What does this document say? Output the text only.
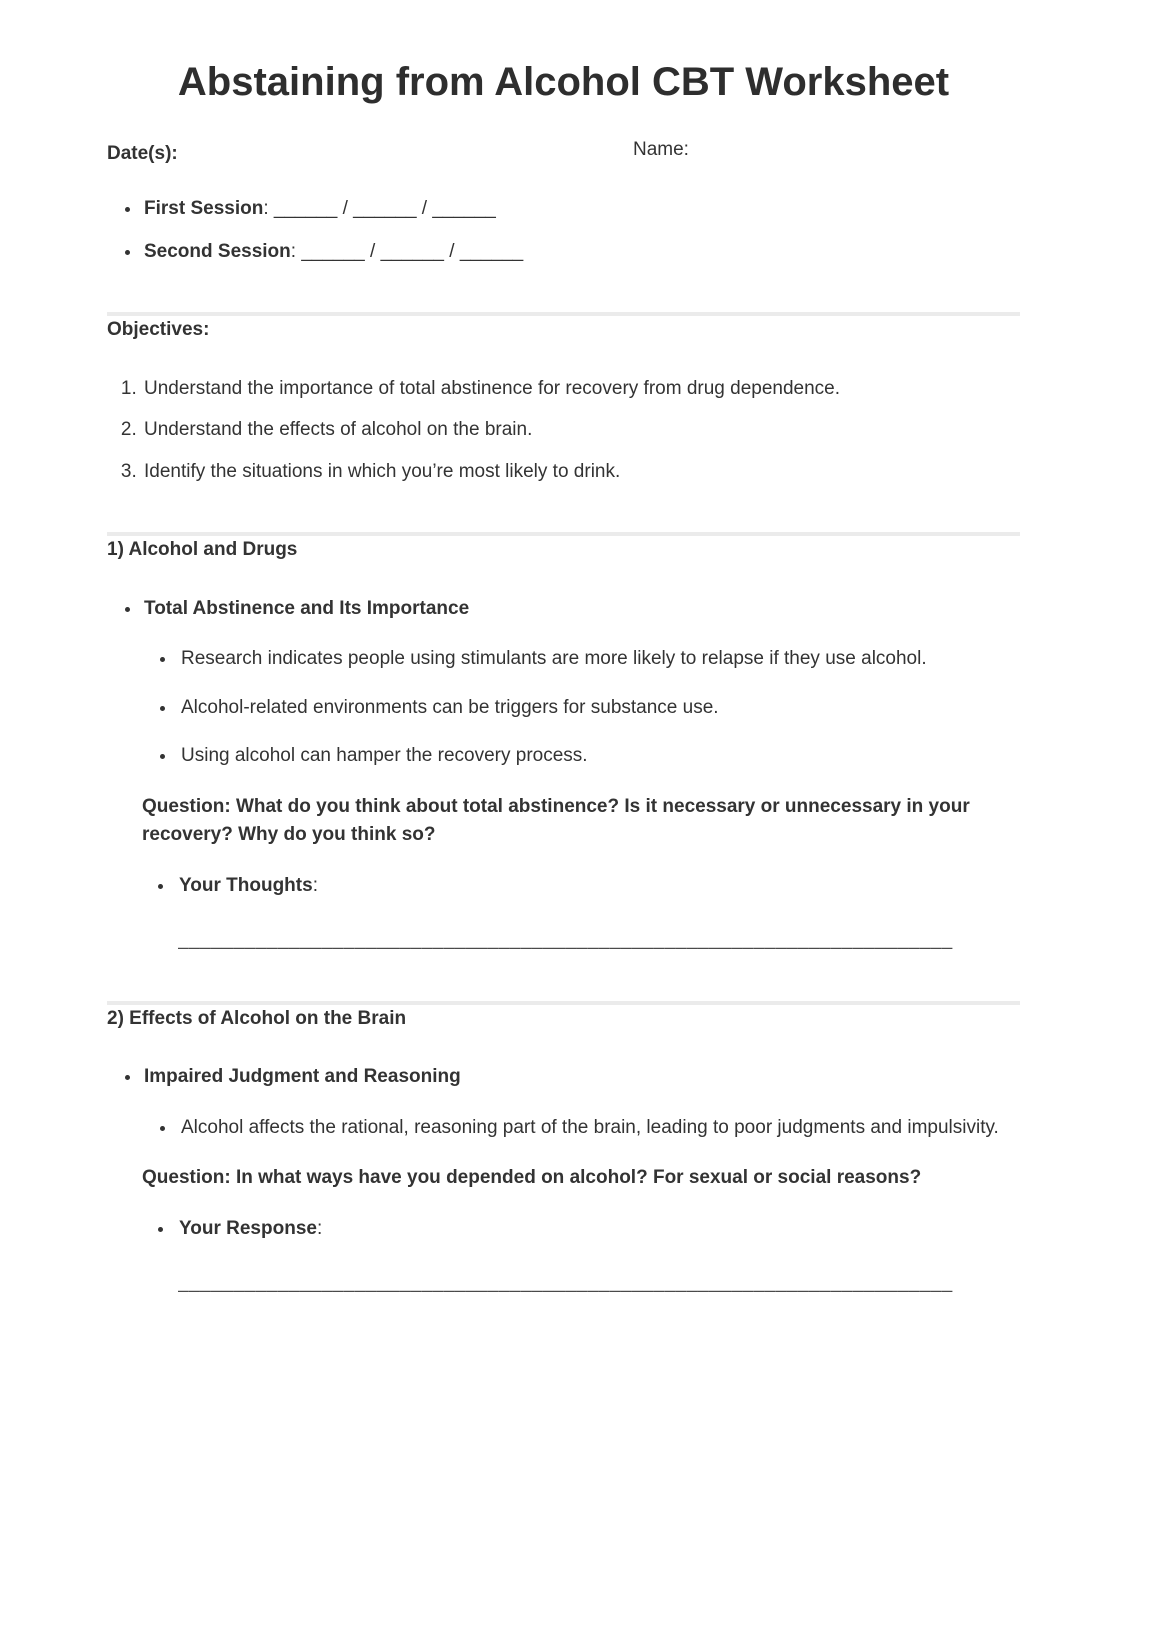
Abstaining from Alcohol CBT Worksheet
Date(s):	Name:
• First Session: ______ / ______ / ______
• Second Session: ______ / ______ / ______
Objectives:
1. Understand the importance of total abstinence for recovery from drug dependence.
2. Understand the effects of alcohol on the brain.
3. Identify the situations in which you’re most likely to drink.
1) Alcohol and Drugs
• Total Abstinence and Its Importance
• Research indicates people using stimulants are more likely to relapse if they use alcohol.
• Alcohol-related environments can be triggers for substance use.
• Using alcohol can hamper the recovery process.

Question: What do you think about total abstinence? Is it necessary or unnecessary in your recovery? Why do you think so?

• Your Thoughts:

______________________________________________________________________

2) Effects of Alcohol on the Brain
• Impaired Judgment and Reasoning
• Alcohol affects the rational, reasoning part of the brain, leading to poor judgments and impulsivity.

Question: In what ways have you depended on alcohol? For sexual or social reasons?

• Your Response:

______________________________________________________________________
